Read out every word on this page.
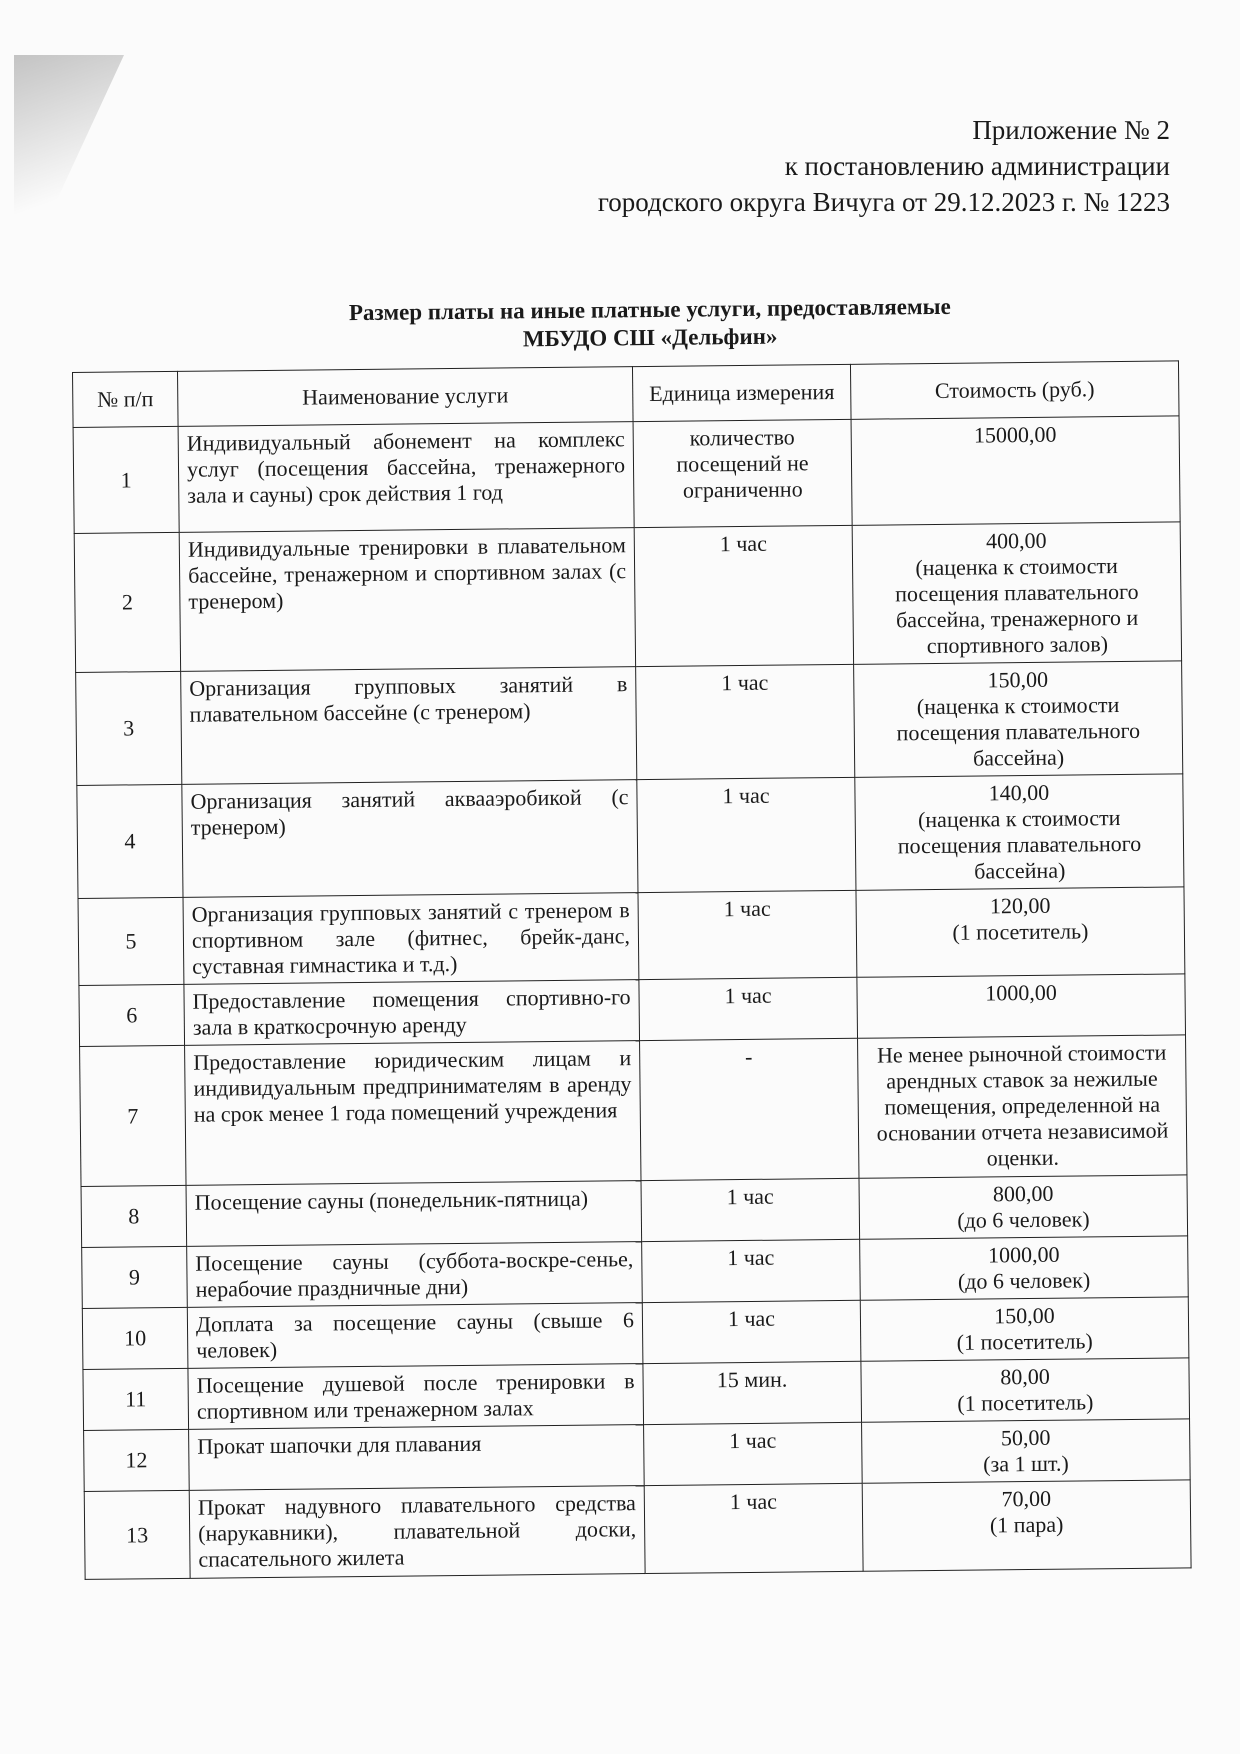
Приложение № 2
к постановлению администрации
городского округа Вичуга от 29.12.2023 г. № 1223
Размер платы на иные платные услуги, предоставляемые
МБУДО СШ «Дельфин»
№ п/п	Наименование услуги	Единица измерения	Стоимость (руб.)
1	Индивидуальный абонемент на комплекс услуг (посещения бассейна, тренажерного зала и сауны) срок действия 1 год	количество посещений не ограниченно	15000,00

2	Индивидуальные тренировки в плавательном бассейне, тренажерном и спортивном залах (с тренером)	1 час	400,00
(наценка к стоимости посещения плавательного бассейна, тренажерного и спортивного залов)

3	Организация групповых занятий в плавательном бассейне (с тренером)	1 час	150,00
(наценка к стоимости посещения плавательного бассейна)

4	Организация занятий аквааэробикой (с тренером)	1 час	140,00
(наценка к стоимости посещения плавательного бассейна)

5	Организация групповых занятий с тренером в спортивном зале (фитнес, брейк-данс, суставная гимнастика и т.д.)	1 час	120,00
(1 посетитель)

6	Предоставление помещения спортивно-го зала в краткосрочную аренду	1 час	1000,00

7	Предоставление юридическим лицам и индивидуальным предпринимателям в аренду на срок менее 1 года помещений учреждения	-	Не менее рыночной стоимости арендных ставок за нежилые помещения, определенной на основании отчета независимой оценки.

8	Посещение сауны (понедельник-пятница)	1 час	800,00
(до 6 человек)

9	Посещение сауны (суббота-воскре-сенье, нерабочие праздничные дни)	1 час	1000,00
(до 6 человек)

10	Доплата за посещение сауны (свыше 6 человек)	1 час	150,00
(1 посетитель)

11	Посещение душевой после тренировки в спортивном или тренажерном залах	15 мин.	80,00
(1 посетитель)

12	Прокат шапочки для плавания	1 час	50,00
(за 1 шт.)

13	Прокат надувного плавательного средства (нарукавники), плавательной доски, спасательного жилета	1 час	70,00
(1 пара)
